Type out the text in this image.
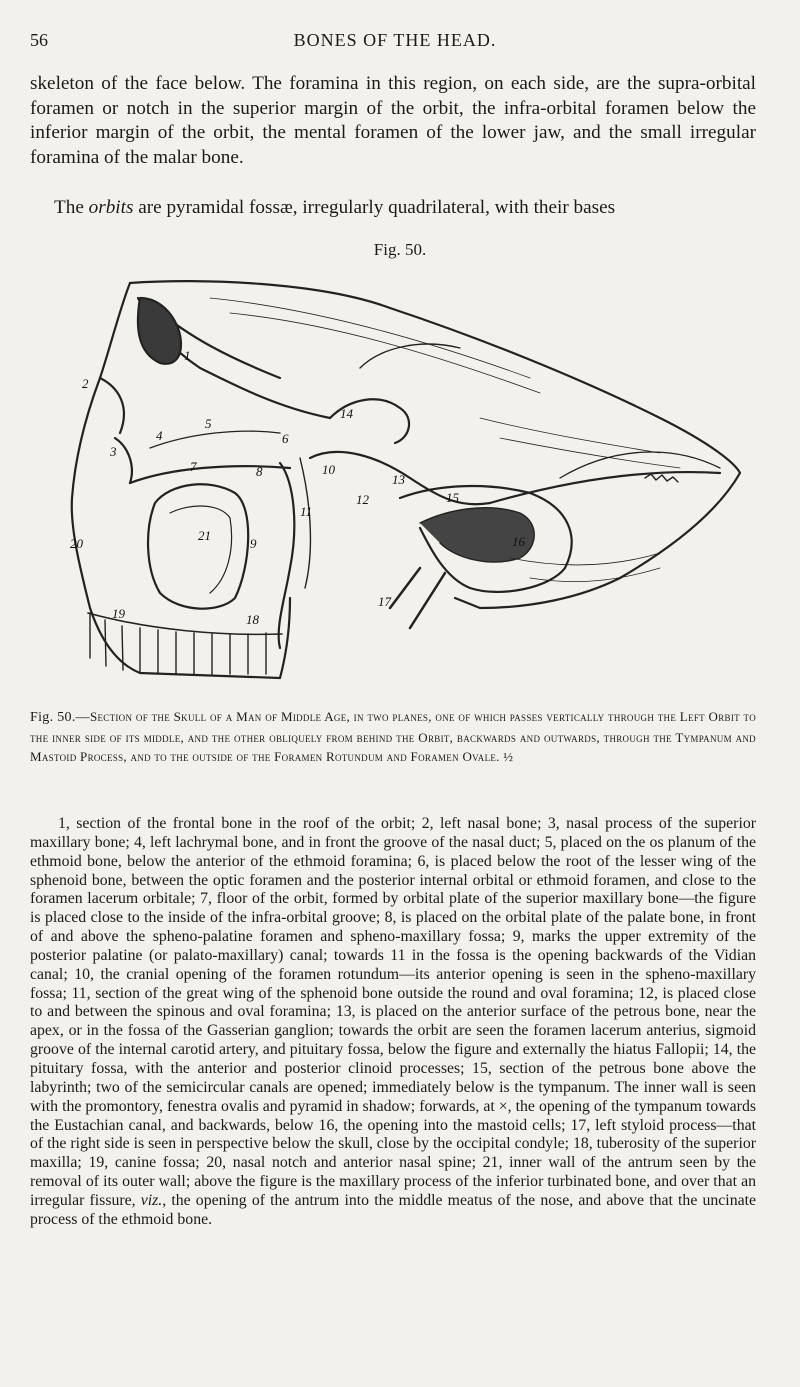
56	BONES OF THE HEAD.

skeleton of the face below. The foramina in this region, on each side, are the supra-orbital foramen or notch in the superior margin of the orbit, the infra-orbital foramen below the inferior margin of the orbit, the mental foramen of the lower jaw, and the small irregular foramina of the malar bone.

The orbits are pyramidal fossæ, irregularly quadrilateral, with their bases

Fig. 50.
1
2
3
4
5
6
7	8
9
10
11
12
13
14
15
16
17
18
19
20
21
Fig. 50.—Section of the Skull of a Man of Middle Age, in two planes, one of which passes vertically through the Left Orbit to the inner side of its middle, and the other obliquely from behind the Orbit, backwards and outwards, through the Tympanum and Mastoid Process, and to the outside of the Foramen Rotundum and Foramen Ovale. ½

1, section of the frontal bone in the roof of the orbit; 2, left nasal bone; 3, nasal process of the superior maxillary bone; 4, left lachrymal bone, and in front the groove of the nasal duct; 5, placed on the os planum of the ethmoid bone, below the anterior of the ethmoid foramina; 6, is placed below the root of the lesser wing of the sphenoid bone, between the optic foramen and the posterior internal orbital or ethmoid foramen, and close to the foramen lacerum orbitale; 7, floor of the orbit, formed by orbital plate of the superior maxillary bone—the figure is placed close to the inside of the infra-orbital groove; 8, is placed on the orbital plate of the palate bone, in front of and above the spheno-palatine foramen and spheno-maxillary fossa; 9, marks the upper extremity of the posterior palatine (or palato-maxillary) canal; towards 11 in the fossa is the opening backwards of the Vidian canal; 10, the cranial opening of the foramen rotundum—its anterior opening is seen in the spheno-maxillary fossa; 11, section of the great wing of the sphenoid bone outside the round and oval foramina; 12, is placed close to and between the spinous and oval foramina; 13, is placed on the anterior surface of the petrous bone, near the apex, or in the fossa of the Gasserian ganglion; towards the orbit are seen the foramen lacerum anterius, sigmoid groove of the internal carotid artery, and pituitary fossa, below the figure and externally the hiatus Fallopii; 14, the pituitary fossa, with the anterior and posterior clinoid processes; 15, section of the petrous bone above the labyrinth; two of the semicircular canals are opened; immediately below is the tympanum. The inner wall is seen with the promontory, fenestra ovalis and pyramid in shadow; forwards, at ×, the opening of the tympanum towards the Eustachian canal, and backwards, below 16, the opening into the mastoid cells; 17, left styloid process—that of the right side is seen in perspective below the skull, close by the occipital condyle; 18, tuberosity of the superior maxilla; 19, canine fossa; 20, nasal notch and anterior nasal spine; 21, inner wall of the antrum seen by the removal of its outer wall; above the figure is the maxillary process of the inferior turbinated bone, and over that an irregular fissure, viz., the opening of the antrum into the middle meatus of the nose, and above that the uncinate process of the ethmoid bone.
